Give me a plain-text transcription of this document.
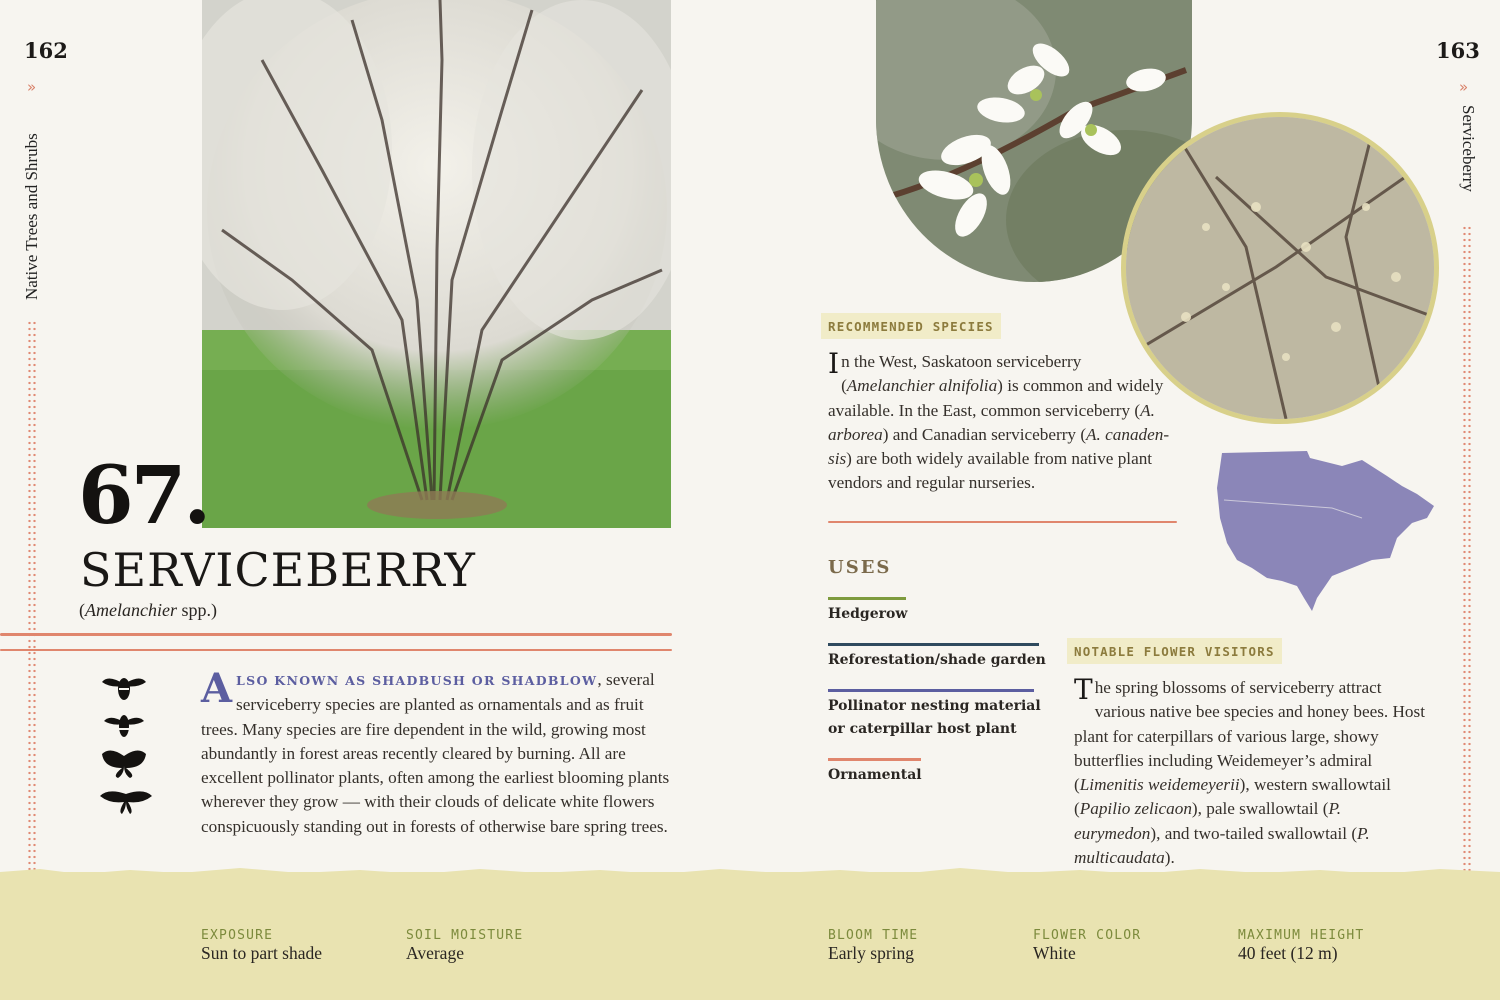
162
»
Native Trees and Shrubs
67.
SERVICEBERRY
(Amelanchier spp.)
ALSO KNOWN AS SHADBUSH OR SHADBLOW, several serviceberry species are planted as ornamentals and as fruit trees. Many species are fire dependent in the wild, growing most abundantly in forest areas recently cleared by burning. All are excellent pollinator plants, often among the earliest blooming plants wherever they grow — with their clouds of delicate white flowers conspicuously standing out in forests of otherwise bare spring trees.
163
»
Serviceberry
RECOMMENDED SPECIES
In the West, Saskatoon serviceberry (Amelanchier alnifolia) is common and widely available. In the East, common serviceberry (A. arborea) and Canadian serviceberry (A. canaden-sis) are both widely available from native plant vendors and regular nurseries.
USES
Hedgerow
Reforestation/shade garden
Pollinator nesting material or caterpillar host plant
Ornamental
NOTABLE FLOWER VISITORS
The spring blossoms of serviceberry attract various native bee species and honey bees. Host plant for caterpillars of various large, showy butterflies including Weidemeyer’s admiral (Limenitis weidemeyerii), western swallowtail (Papilio zelicaon), pale swallowtail (P. eurymedon), and two-tailed swallowtail (P. multicaudata).
EXPOSURE
Sun to part shade
SOIL MOISTURE
Average
BLOOM TIME
Early spring
FLOWER COLOR
White
MAXIMUM HEIGHT
40 feet (12 m)
